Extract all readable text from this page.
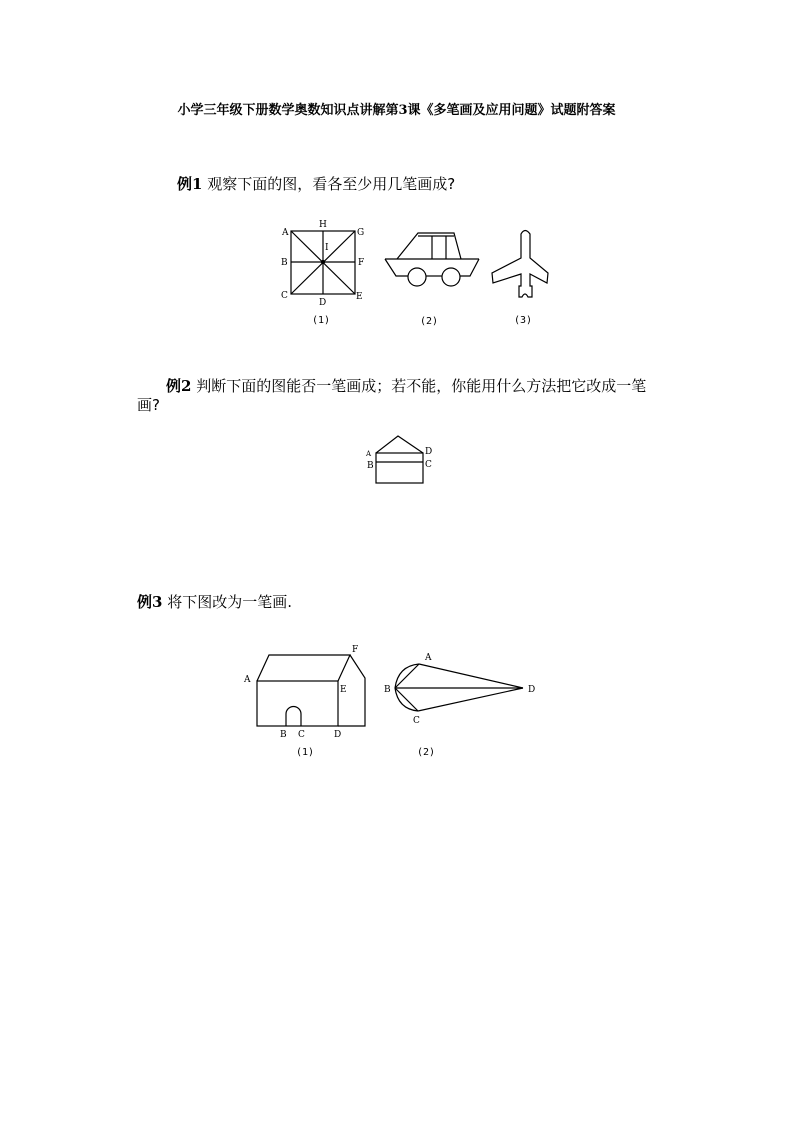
小学三年级下册数学奥数知识点讲解第3课《多笔画及应用问题》试题附答案
例1 观察下面的图，看各至少用几笔画成?
例2 判断下面的图能否一笔画成；若不能，你能用什么方法把它改成一笔
画?
例3 将下图改为一笔画.
A
H
G
B	F
C
D
E
I
(1)	(2)	(3)
A
B
D
C
A
F
E
B C	D
(1)
A
B
C
D
(2)
